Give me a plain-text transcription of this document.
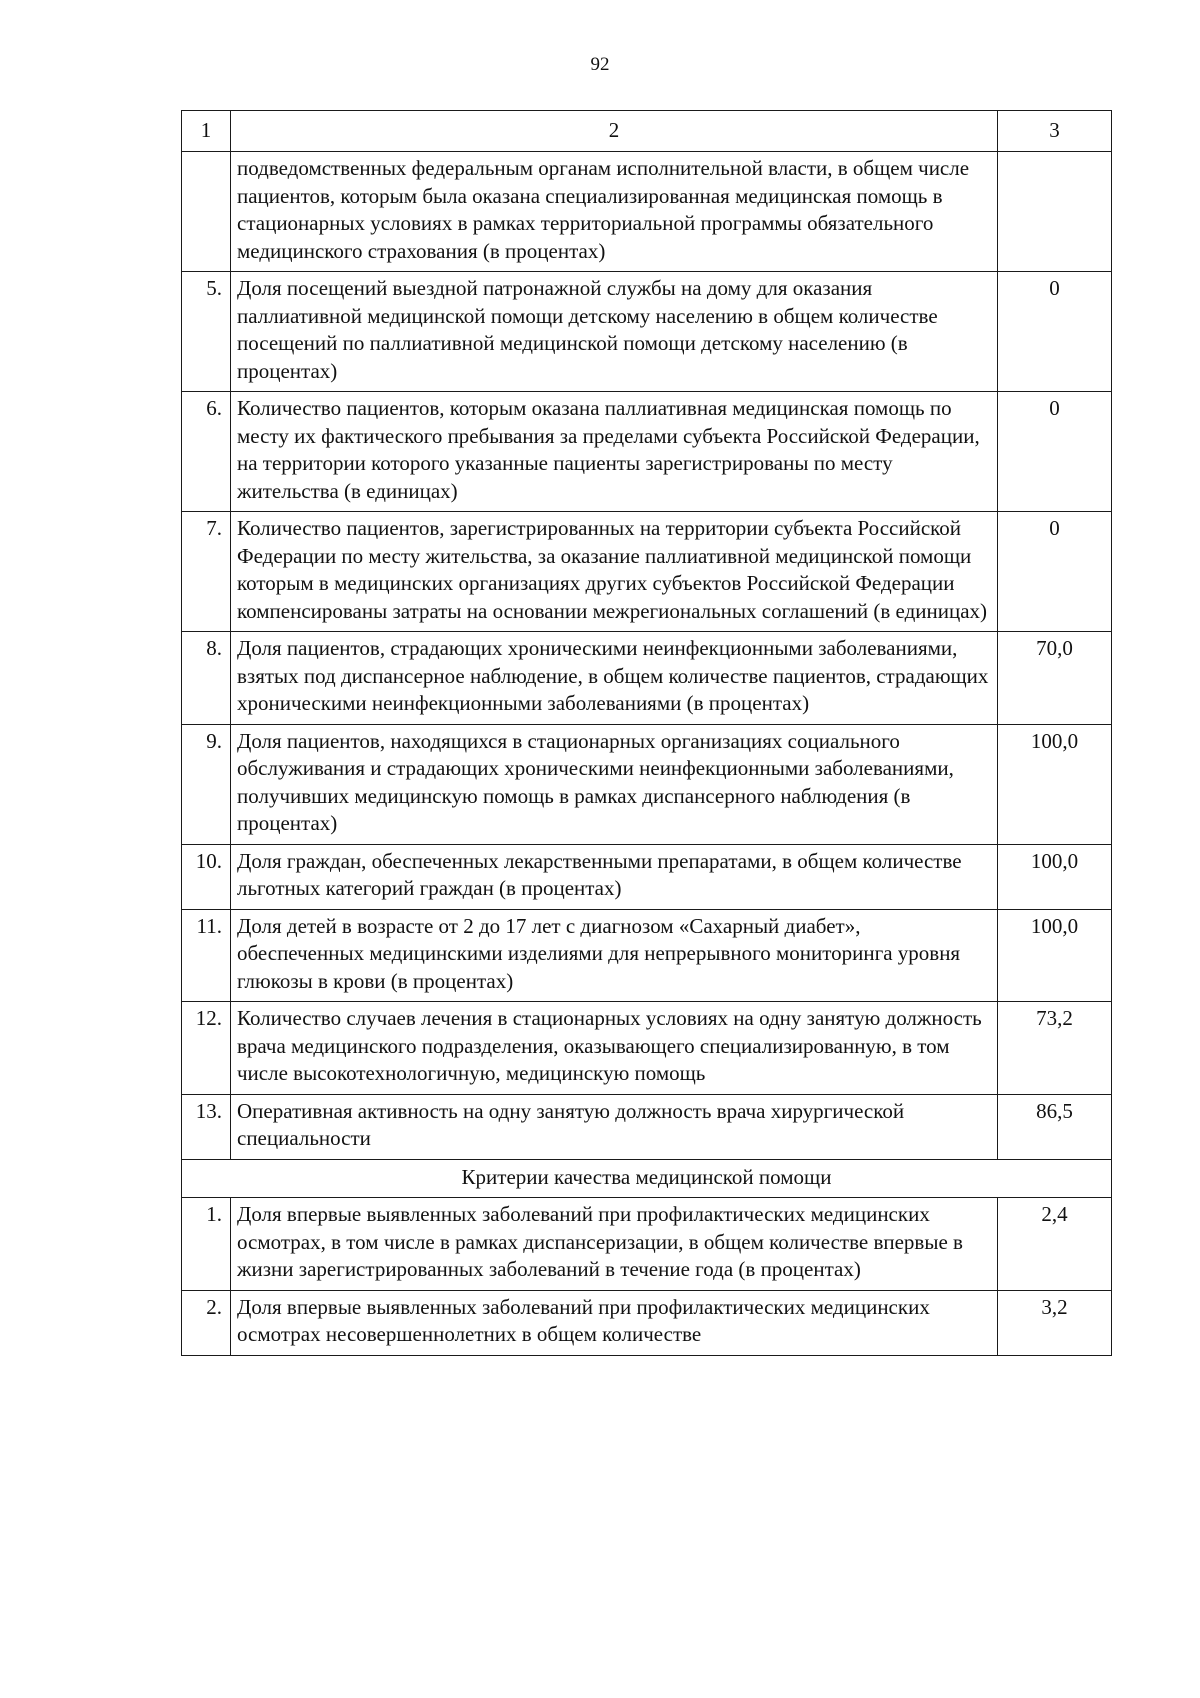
92
1	2	3
	подведомственных федеральным органам исполнительной власти, в общем числе пациентов, которым была оказана специализированная медицинская помощь в стационарных условиях в рамках территориальной программы обязательного медицинского страхования (в процентах)	
5.	Доля посещений выездной патронажной службы на дому для оказания паллиативной медицинской помощи детскому населению в общем количестве посещений по паллиативной медицинской помощи детскому населению (в процентах)	0
6.	Количество пациентов, которым оказана паллиативная медицинская помощь по месту их фактического пребывания за пределами субъекта Российской Федерации, на территории которого указанные пациенты зарегистрированы по месту жительства (в единицах)	0
7.	Количество пациентов, зарегистрированных на территории субъекта Российской Федерации по месту жительства, за оказание паллиативной медицинской помощи которым в медицинских организациях других субъектов Российской Федерации компенсированы затраты на основании межрегиональных соглашений (в единицах)	0
8.	Доля пациентов, страдающих хроническими неинфекционными заболеваниями, взятых под диспансерное наблюдение, в общем количестве пациентов, страдающих хроническими неинфекционными заболеваниями (в процентах)	70,0
9.	Доля пациентов, находящихся в стационарных организациях социального обслуживания и страдающих хроническими неинфекционными заболеваниями, получивших медицинскую помощь в рамках диспансерного наблюдения (в процентах)	100,0
10.	Доля граждан, обеспеченных лекарственными препаратами, в общем количестве льготных категорий граждан (в процентах)	100,0
11.	Доля детей в возрасте от 2 до 17 лет с диагнозом «Сахарный диабет», обеспеченных медицинскими изделиями для непрерывного мониторинга уровня глюкозы в крови (в процентах)	100,0
12.	Количество случаев лечения в стационарных условиях на одну занятую должность врача медицинского подразделения, оказывающего специализированную, в том числе высокотехнологичную, медицинскую помощь	73,2
13.	Оперативная активность на одну занятую должность врача хирургической специальности	86,5
Критерии качества медицинской помощи		
1.	Доля впервые выявленных заболеваний при профилактических медицинских осмотрах, в том числе в рамках диспансеризации, в общем количестве впервые в жизни зарегистрированных заболеваний в течение года (в процентах)	2,4
2.	Доля впервые выявленных заболеваний при профилактических медицинских осмотрах несовершеннолетних в общем количестве	3,2
